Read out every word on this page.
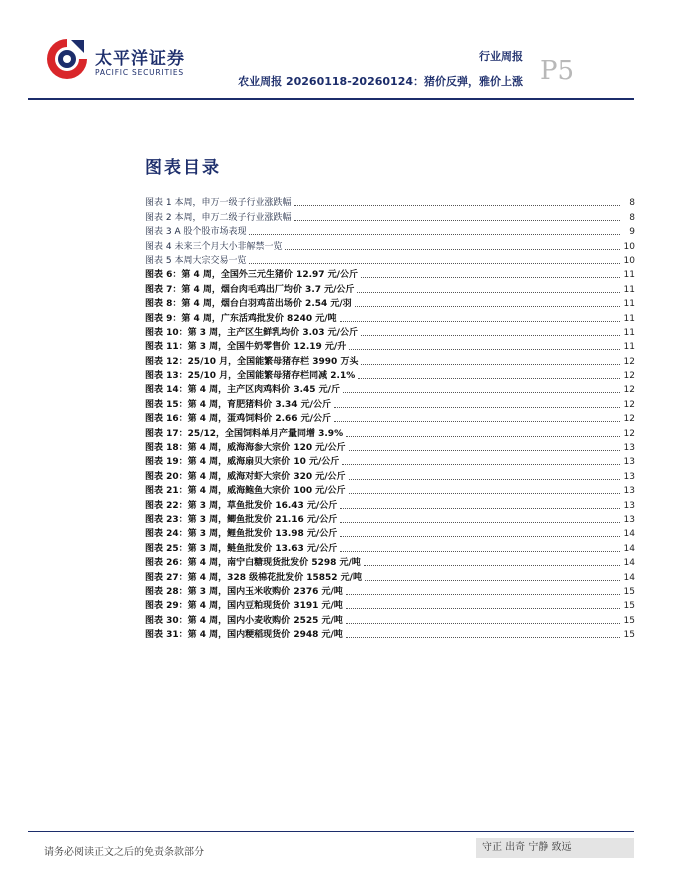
太平洋证券
PACIFIC SECURITIES
行业周报
农业周报 20260118-20260124：猪价反弹，雅价上涨 P5
图表目录
图表 1 本周，申万一级子行业涨跌幅	8
图表 2 本周，申万二级子行业涨跌幅	8
图表 3 A 股个股市场表现	9
图表 4 未来三个月大小非解禁一览	10
图表 5 本周大宗交易一览	10
图表 6：第 4 周，全国外三元生猪价 12.97 元/公斤	11
图表 7：第 4 周，烟台肉毛鸡出厂均价 3.7 元/公斤	11
图表 8：第 4 周，烟台白羽鸡苗出场价 2.54 元/羽	11
图表 9：第 4 周，广东活鸡批发价 8240 元/吨	11
图表 10：第 3 周，主产区生鲜乳均价 3.03 元/公斤	11
图表 11：第 3 周，全国牛奶零售价 12.19 元/升	11
图表 12：25/10 月，全国能繁母猪存栏 3990 万头	12
图表 13：25/10 月，全国能繁母猪存栏同减 2.1%	12
图表 14：第 4 周，主产区肉鸡料价 3.45 元/斤	12
图表 15：第 4 周，育肥猪料价 3.34 元/公斤	12
图表 16：第 4 周，蛋鸡饲料价 2.66 元/公斤	12
图表 17：25/12，全国饲料单月产量同增 3.9%	12
图表 18：第 4 周，威海海参大宗价 120 元/公斤	13
图表 19：第 4 周，威海扇贝大宗价 10 元/公斤	13
图表 20：第 4 周，威海对虾大宗价 320 元/公斤	13
图表 21：第 4 周，威海鲍鱼大宗价 100 元/公斤	13
图表 22：第 3 周，草鱼批发价 16.43 元/公斤	13
图表 23：第 3 周，鲫鱼批发价 21.16 元/公斤	13
图表 24：第 3 周，鲤鱼批发价 13.98 元/公斤	14
图表 25：第 3 周，鲢鱼批发价 13.63 元/公斤	14
图表 26：第 4 周，南宁白糖现货批发价 5298 元/吨	14
图表 27：第 4 周，328 级棉花批发价 15852 元/吨	14
图表 28：第 3 周，国内玉米收购价 2376 元/吨	15
图表 29：第 4 周，国内豆粕现货价 3191 元/吨	15
图表 30：第 4 周，国内小麦收购价 2525 元/吨	15
图表 31：第 4 周，国内粳稻现货价 2948 元/吨	15
请务必阅读正文之后的免责条款部分	守正 出奇 宁静 致远
